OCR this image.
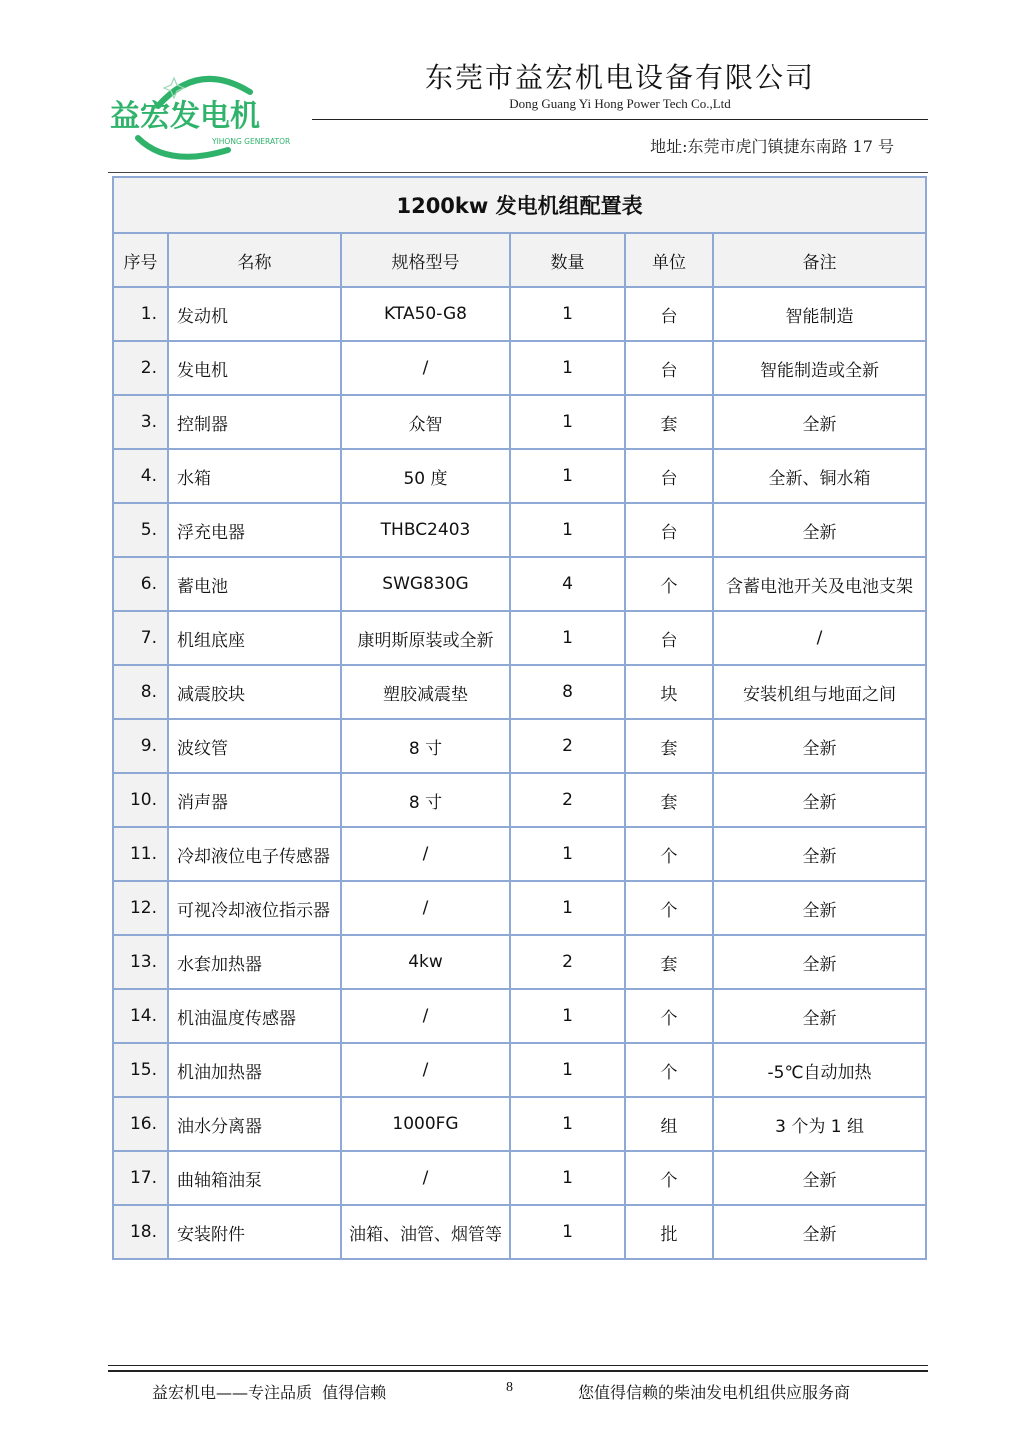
益宏发电机
YIHONG GENERATOR
东莞市益宏机电设备有限公司
Dong Guang Yi Hong Power Tech Co.,Ltd
地址:东莞市虎门镇捷东南路 17 号
1200kw 发电机组配置表					
序号	名称	规格型号	数量	单位	备注
1.	发动机	KTA50-G8	1	台	智能制造
2.	发电机	/	1	台	智能制造或全新
3.	控制器	众智	1	套	全新
4.	水箱	50 度	1	台	全新、铜水箱
5.	浮充电器	THBC2403	1	台	全新
6.	蓄电池	SWG830G	4	个	含蓄电池开关及电池支架
7.	机组底座	康明斯原装或全新	1	台	/
8.	减震胶块	塑胶减震垫	8	块	安装机组与地面之间
9.	波纹管	8 寸	2	套	全新
10.	消声器	8 寸	2	套	全新
11.	冷却液位电子传感器	/	1	个	全新
12.	可视冷却液位指示器	/	1	个	全新
13.	水套加热器	4kw	2	套	全新
14.	机油温度传感器	/	1	个	全新
15.	机油加热器	/	1	个	-5℃自动加热
16.	油水分离器	1000FG	1	组	3 个为 1 组
17.	曲轴箱油泵	/	1	个	全新
18.	安装附件	油箱、油管、烟管等	1	批	全新
益宏机电——专注品质  值得信赖	8	您值得信赖的柴油发电机组供应服务商
